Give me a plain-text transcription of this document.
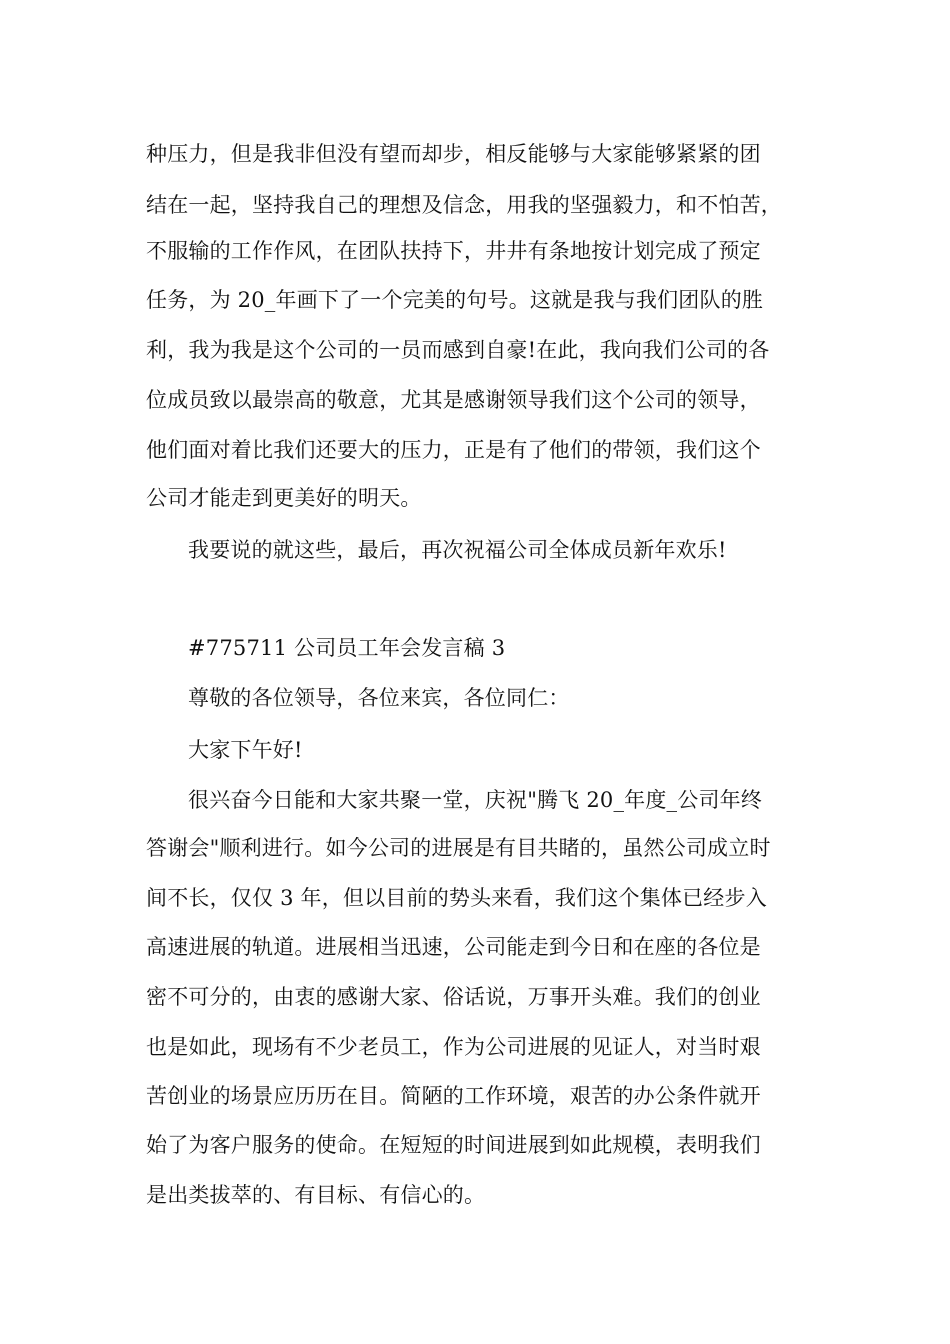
种压力，但是我非但没有望而却步，相反能够与大家能够紧紧的团
结在一起，坚持我自己的理想及信念，用我的坚强毅力，和不怕苦，
不服输的工作作风，在团队扶持下，井井有条地按计划完成了预定
任务，为 20_年画下了一个完美的句号。这就是我与我们团队的胜
利，我为我是这个公司的一员而感到自豪!在此，我向我们公司的各
位成员致以最崇高的敬意，尤其是感谢领导我们这个公司的领导，
他们面对着比我们还要大的压力，正是有了他们的带领，我们这个
公司才能走到更美好的明天。
我要说的就这些，最后，再次祝福公司全体成员新年欢乐!
#775711 公司员工年会发言稿 3
尊敬的各位领导，各位来宾，各位同仁：
大家下午好!
很兴奋今日能和大家共聚一堂，庆祝"腾飞 20_年度_公司年终
答谢会"顺利进行。如今公司的进展是有目共睹的，虽然公司成立时
间不长，仅仅 3 年，但以目前的势头来看，我们这个集体已经步入
高速进展的轨道。进展相当迅速，公司能走到今日和在座的各位是
密不可分的，由衷的感谢大家、俗话说，万事开头难。我们的创业
也是如此，现场有不少老员工，作为公司进展的见证人，对当时艰
苦创业的场景应历历在目。简陋的工作环境，艰苦的办公条件就开
始了为客户服务的使命。在短短的时间进展到如此规模，表明我们
是出类拔萃的、有目标、有信心的。
